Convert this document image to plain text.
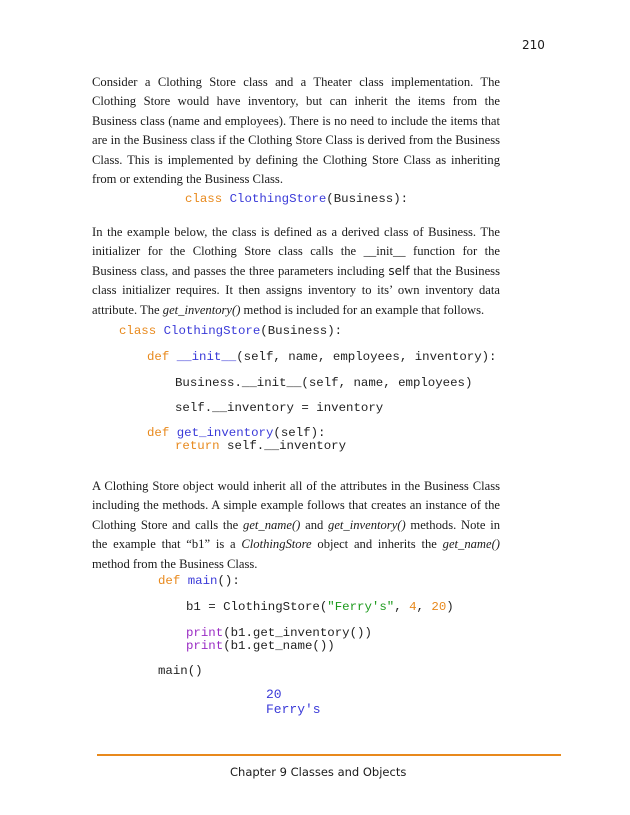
210

Consider a Clothing Store class and a Theater class implementation. The Clothing Store would have inventory, but can inherit the items from the Business class (name and employees). There is no need to include the items that are in the Business class if the Clothing Store Class is derived from the Business Class. This is implemented by defining the Clothing Store Class as inheriting from or extending the Business Class.

class ClothingStore(Business):

In the example below, the class is defined as a derived class of Business. The initializer for the Clothing Store class calls the __init__ function for the Business class, and passes the three parameters including self that the Business class initializer requires. It then assigns inventory to its’ own inventory data attribute. The get_inventory() method is included for an example that follows.

class ClothingStore(Business):

def __init__(self, name, employees, inventory):

Business.__init__(self, name, employees)

self.__inventory = inventory

def get_inventory(self):

return self.__inventory

A Clothing Store object would inherit all of the attributes in the Business Class including the methods. A simple example follows that creates an instance of the Clothing Store and calls the get_name() and get_inventory() methods. Note in the example that “b1” is a ClothingStore object and inherits the get_name() method from the Business Class.

def main():

b1 = ClothingStore("Ferry's", 4, 20)

print(b1.get_inventory())

print(b1.get_name())

main()

20
Ferry's
Chapter 9 Classes and Objects
